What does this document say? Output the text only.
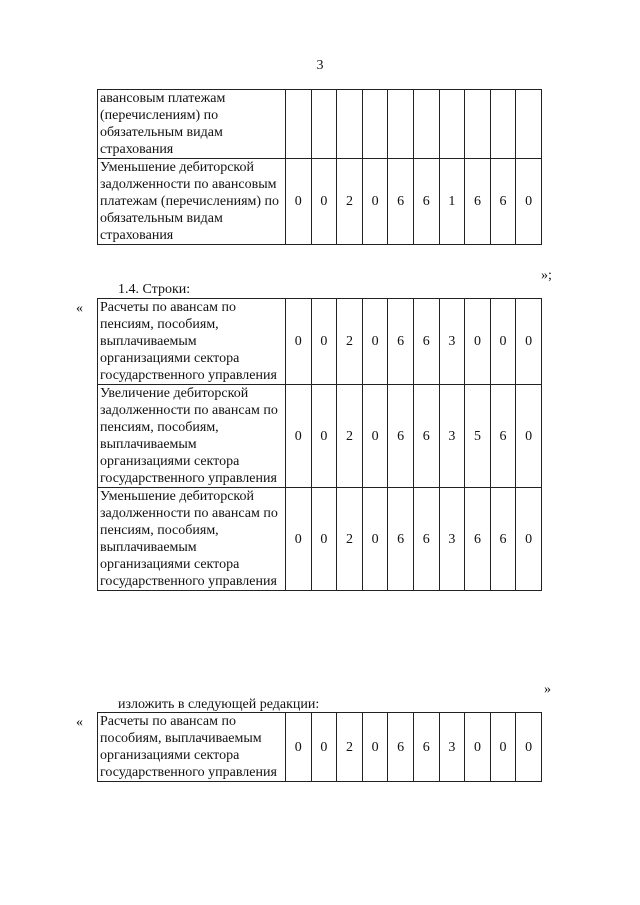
3
авансовым платежам (перечислениям) по обязательным видам страхования										
Уменьшение дебиторской задолженности по авансовым платежам (перечислениям) по обязательным видам страхования	0	0	2	0	6	6	1	6	6	0
»;
1.4. Строки:
« Расчеты по авансам по пенсиям, пособиям, выплачиваемым организациями сектора государственного управления	0	0	2	0	6	6	3	0	0	0
Увеличение дебиторской задолженности по авансам по пенсиям, пособиям, выплачиваемым организациями сектора государственного управления	0	0	2	0	6	6	3	5	6	0
Уменьшение дебиторской задолженности по авансам по пенсиям, пособиям, выплачиваемым организациями сектора государственного управления	0	0	2	0	6	6	3	6	6	0
»
изложить в следующей редакции:
« Расчеты по авансам по пособиям, выплачиваемым организациями сектора государственного управления	0	0	2	0	6	6	3	0	0	0
